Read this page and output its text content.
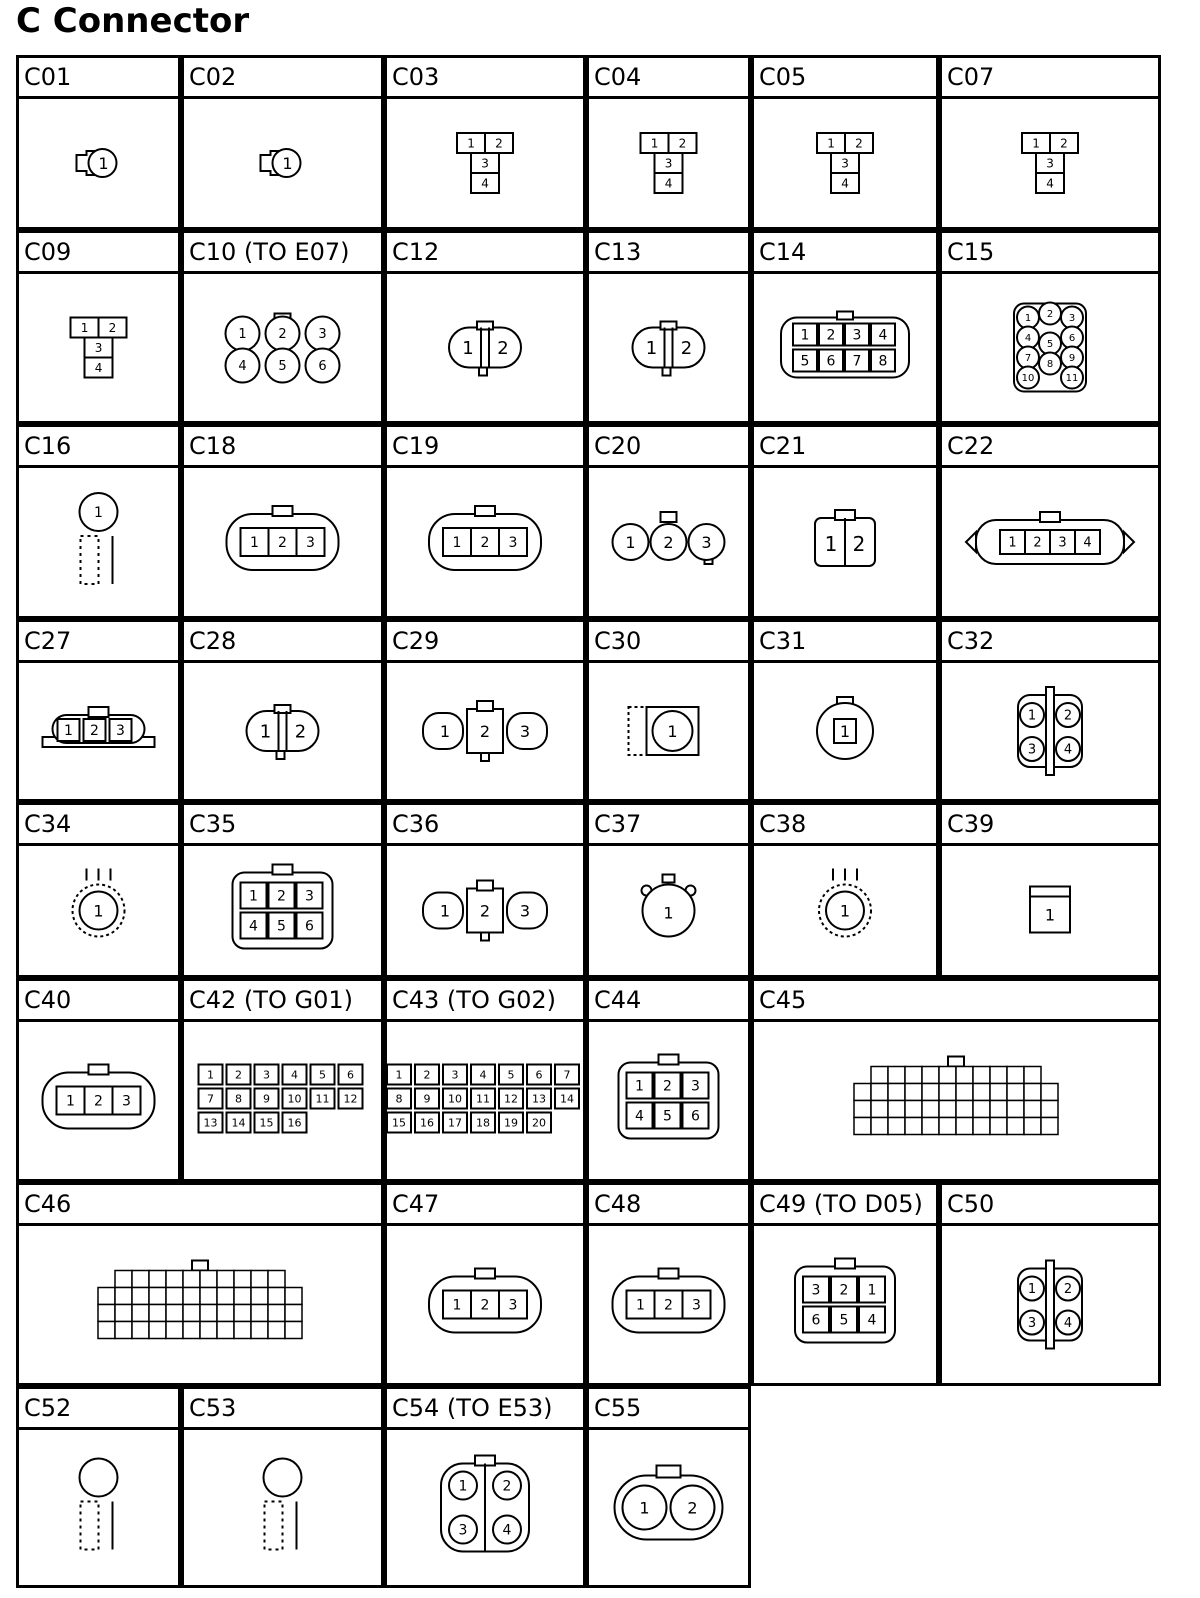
C Connector
C01
1
C02
1
C03
1 2
3
4
C04
1 2
3
4
C05
1 2
3
4
C07
1 2
3
4
C09
1 2
3
4
C10 (TO E07)
1 2 3
4 5 6
C12
1 2
C13
1 2
C14
1 2 3 4
5 6 7 8
C15
1 2 3
4
5
6
7
8
9
10	11
C16
1
C18
1 2 3
C19
1 2 3
C20
1 2 3
C21
1 2
C22
1 2 3 4
C27
1 2 3
C28
1 2
C29
1 2 3
C30
1
C31
1
C32
1 2
3 4
C34
1
C35
1 2 3
4 5 6
C36
1 2 3
C37
1
C38
1
C39
1
C40
1 2 3
C42 (TO G01)
1 2 3 4 5 6
7 8 9 10 11 12
13 14 15 16
C43 (TO G02)
1 2 3 4 5 6 7
8 9 10 11 12 13 14
15 16 17 18 19 20
C44
1 2 3
4 5 6
C45
C46	C47
1 2 3
C48
1 2 3
C49 (TO D05)
3 2 1
6 5 4
C50
1 2
3 4
C52	C53	C54 (TO E53)
1	2
3	4
C55
1 2
